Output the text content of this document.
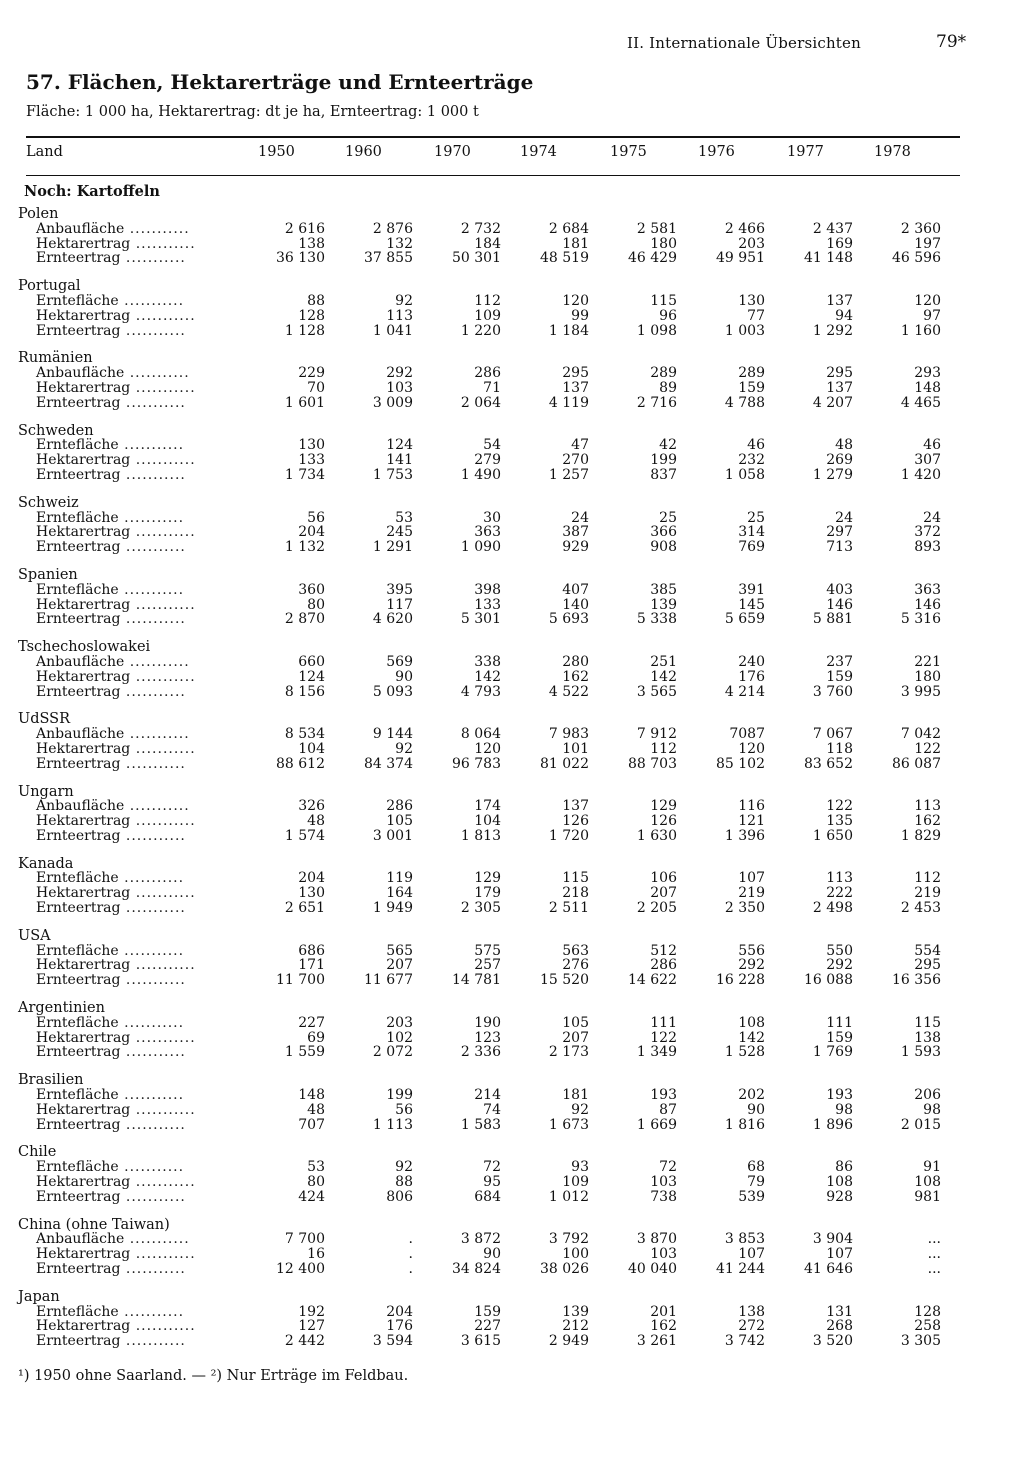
II. Internationale Übersichten	79*
57. Flächen, Hektarerträge und Ernteerträge
Fläche: 1 000 ha, Hektarertrag: dt je ha, Ernteertrag: 1 000 t
Land	1950	1960	1970	1974	1975	1976	1977	1978
Noch: Kartoffeln
Polen								
Anbaufläche ...........	2 616	2 876	2 732	2 684	2 581	2 466	2 437	2 360
Hektarertrag ...........	138	132	184	181	180	203	169	197
Ernteertrag ...........	36 130	37 855	50 301	48 519	46 429	49 951	41 148	46 596

Portugal								
Erntefläche ...........	88	92	112	120	115	130	137	120
Hektarertrag ...........	128	113	109	99	96	77	94	97
Ernteertrag ...........	1 128	1 041	1 220	1 184	1 098	1 003	1 292	1 160

Rumänien								
Anbaufläche ...........	229	292	286	295	289	289	295	293
Hektarertrag ...........	70	103	71	137	89	159	137	148
Ernteertrag ...........	1 601	3 009	2 064	4 119	2 716	4 788	4 207	4 465

Schweden								
Erntefläche ...........	130	124	54	47	42	46	48	46
Hektarertrag ...........	133	141	279	270	199	232	269	307
Ernteertrag ...........	1 734	1 753	1 490	1 257	837	1 058	1 279	1 420

Schweiz								
Erntefläche ...........	56	53	30	24	25	25	24	24
Hektarertrag ...........	204	245	363	387	366	314	297	372
Ernteertrag ...........	1 132	1 291	1 090	929	908	769	713	893

Spanien								
Erntefläche ...........	360	395	398	407	385	391	403	363
Hektarertrag ...........	80	117	133	140	139	145	146	146
Ernteertrag ...........	2 870	4 620	5 301	5 693	5 338	5 659	5 881	5 316

Tschechoslowakei								
Anbaufläche ...........	660	569	338	280	251	240	237	221
Hektarertrag ...........	124	90	142	162	142	176	159	180
Ernteertrag ...........	8 156	5 093	4 793	4 522	3 565	4 214	3 760	3 995

UdSSR								
Anbaufläche ...........	8 534	9 144	8 064	7 983	7 912	7087	7 067	7 042
Hektarertrag ...........	104	92	120	101	112	120	118	122
Ernteertrag ...........	88 612	84 374	96 783	81 022	88 703	85 102	83 652	86 087

Ungarn								
Anbaufläche ...........	326	286	174	137	129	116	122	113
Hektarertrag ...........	48	105	104	126	126	121	135	162
Ernteertrag ...........	1 574	3 001	1 813	1 720	1 630	1 396	1 650	1 829

Kanada								
Erntefläche ...........	204	119	129	115	106	107	113	112
Hektarertrag ...........	130	164	179	218	207	219	222	219
Ernteertrag ...........	2 651	1 949	2 305	2 511	2 205	2 350	2 498	2 453

USA								
Erntefläche ...........	686	565	575	563	512	556	550	554
Hektarertrag ...........	171	207	257	276	286	292	292	295
Ernteertrag ...........	11 700	11 677	14 781	15 520	14 622	16 228	16 088	16 356

Argentinien								
Erntefläche ...........	227	203	190	105	111	108	111	115
Hektarertrag ...........	69	102	123	207	122	142	159	138
Ernteertrag ...........	1 559	2 072	2 336	2 173	1 349	1 528	1 769	1 593

Brasilien								
Erntefläche ...........	148	199	214	181	193	202	193	206
Hektarertrag ...........	48	56	74	92	87	90	98	98
Ernteertrag ...........	707	1 113	1 583	1 673	1 669	1 816	1 896	2 015

Chile								
Erntefläche ...........	53	92	72	93	72	68	86	91
Hektarertrag ...........	80	88	95	109	103	79	108	108
Ernteertrag ...........	424	806	684	1 012	738	539	928	981

China (ohne Taiwan)								
Anbaufläche ...........	7 700	.	3 872	3 792	3 870	3 853	3 904	...
Hektarertrag ...........	16	.	90	100	103	107	107	...
Ernteertrag ...........	12 400	.	34 824	38 026	40 040	41 244	41 646	...

Japan								
Erntefläche ...........	192	204	159	139	201	138	131	128
Hektarertrag ...........	127	176	227	212	162	272	268	258
Ernteertrag ...........	2 442	3 594	3 615	2 949	3 261	3 742	3 520	3 305
¹) 1950 ohne Saarland. — ²) Nur Erträge im Feldbau.
